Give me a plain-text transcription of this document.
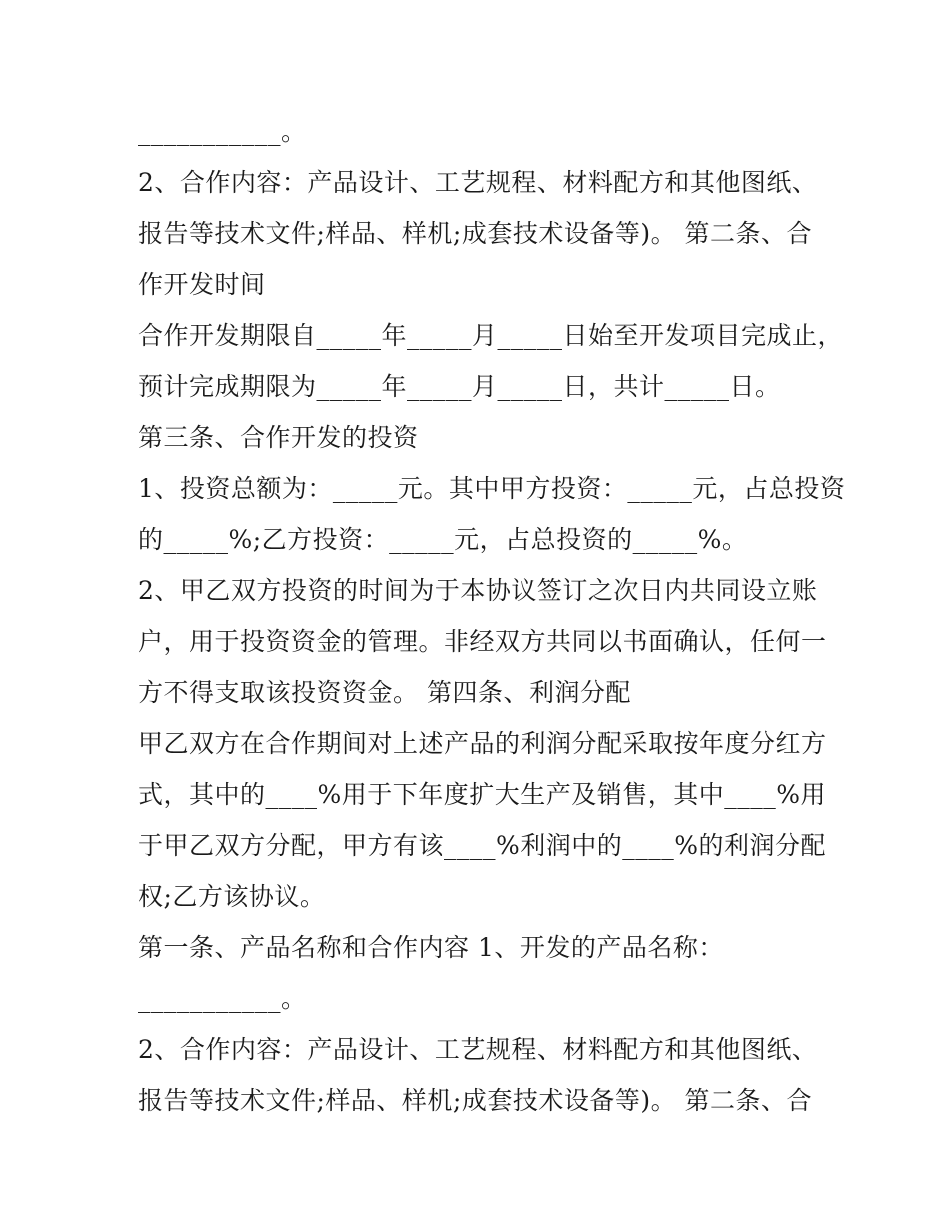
___________。
2、合作内容：产品设计、工艺规程、材料配方和其他图纸、
报告等技术文件;样品、样机;成套技术设备等)。 第二条、合
作开发时间
合作开发期限自_____年_____月_____日始至开发项目完成止，
预计完成期限为_____年_____月_____日，共计_____日。
第三条、合作开发的投资
1、投资总额为：_____元。其中甲方投资：_____元，占总投资
的_____%;乙方投资：_____元，占总投资的_____%。
2、甲乙双方投资的时间为于本协议签订之次日内共同设立账
户，用于投资资金的管理。非经双方共同以书面确认，任何一
方不得支取该投资资金。 第四条、利润分配
甲乙双方在合作期间对上述产品的利润分配采取按年度分红方
式，其中的____%用于下年度扩大生产及销售，其中____%用
于甲乙双方分配，甲方有该____%利润中的____%的利润分配
权;乙方该协议。
第一条、产品名称和合作内容 1、开发的产品名称：
___________。
2、合作内容：产品设计、工艺规程、材料配方和其他图纸、
报告等技术文件;样品、样机;成套技术设备等)。 第二条、合
